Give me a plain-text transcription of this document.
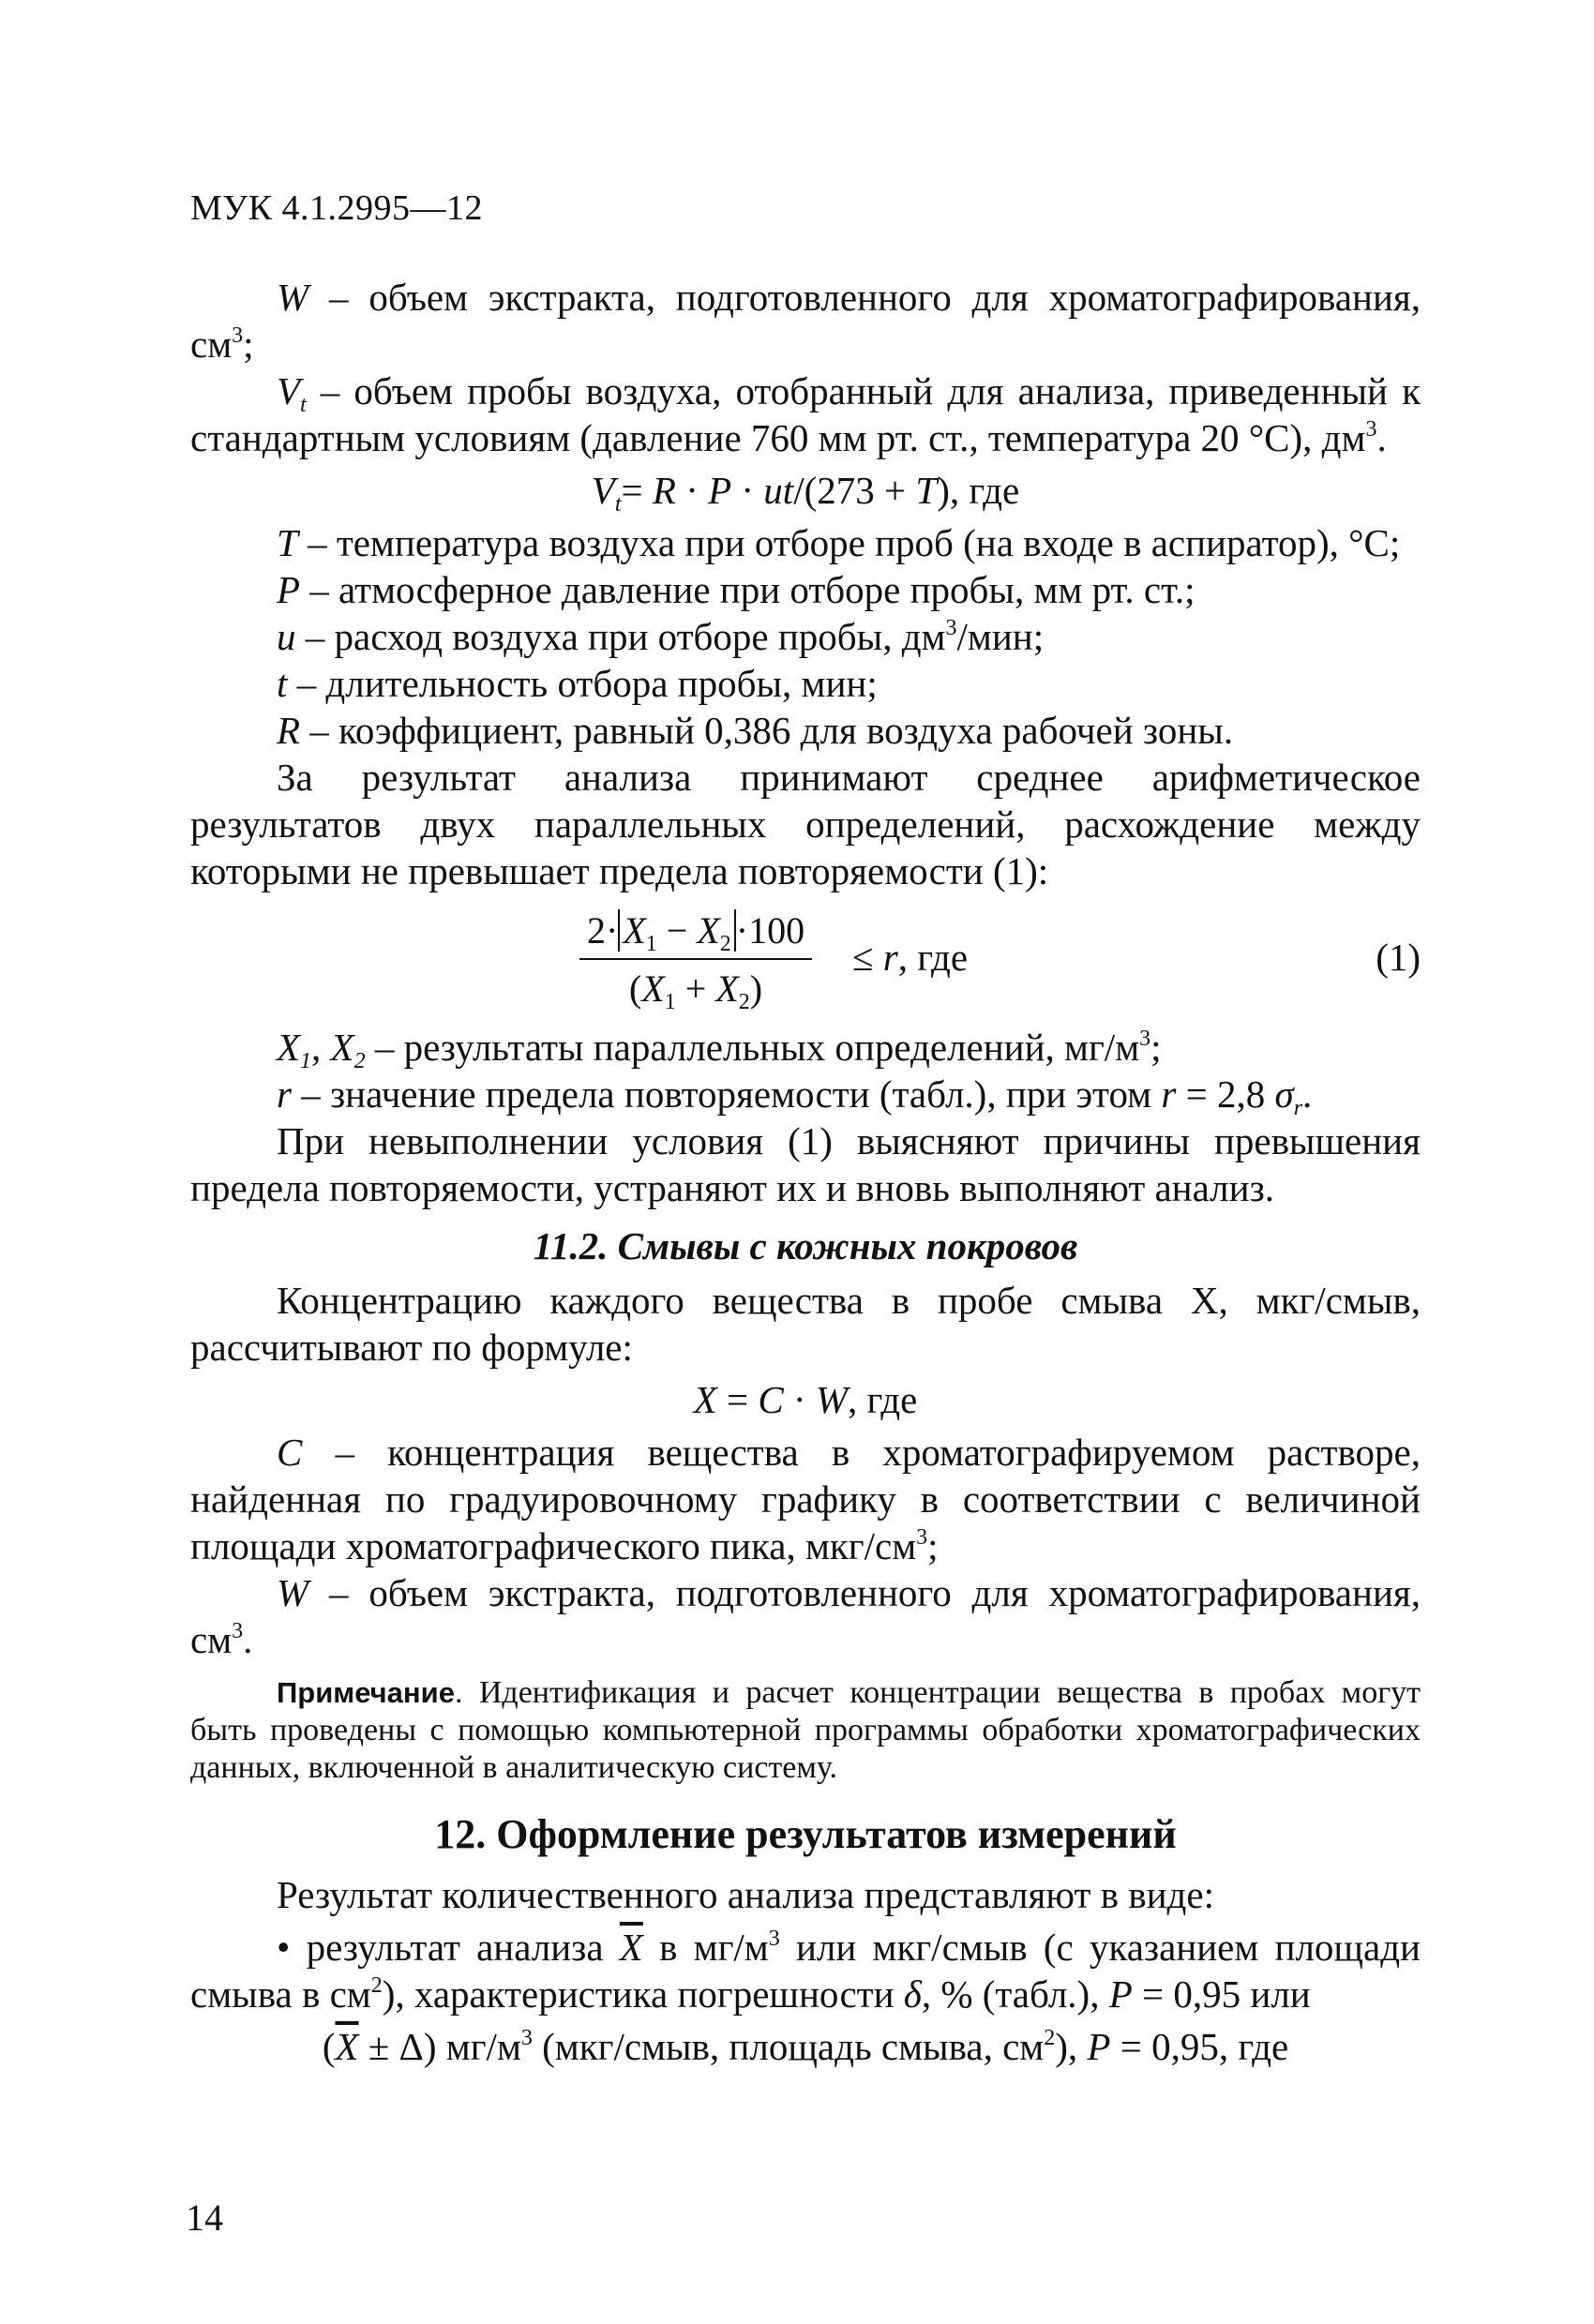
МУК 4.1.2995—12

W – объем экстракта, подготовленного для хроматографирования, $см^3$;

$V_t$ – объем пробы воздуха, отобранный для анализа, приведенный к стандартным условиям (давление 760 мм рт. ст., температура 20 °С), $дм^3$.

$V_t= R \cdot P \cdot ut/(273 + T)$, где

T – температура воздуха при отборе проб (на входе в аспиратор), °С;

P – атмосферное давление при отборе пробы, мм рт. ст.;

u – расход воздуха при отборе пробы, $дм^3$/мин;

t – длительность отбора пробы, мин;

R – коэффициент, равный 0,386 для воздуха рабочей зоны.

За результат анализа принимают среднее арифметическое результатов двух параллельных определений, расхождение между которыми не превышает предела повторяемости (1):

$\frac{2\cdot X_1 - X_2 \cdot 100}{(X_1 + X_2)} \le r$, где	(1)

$X_1$, $X_2$ – результаты параллельных определений, $мг/м^3$;

r – значение предела повторяемости (табл.), при этом r = 2,8 $\sigma_r$.

При невыполнении условия (1) выясняют причины превышения предела повторяемости, устраняют их и вновь выполняют анализ.

11.2. Смывы с кожных покровов

Концентрацию каждого вещества в пробе смыва X, мкг/смыв, рассчитывают по формуле:

X = C · W, где

C – концентрация вещества в хроматографируемом растворе, найденная по градуировочному графику в соответствии с величиной площади хроматографического пика, мкг/$см^3$;

W – объем экстракта, подготовленного для хроматографирования, $см^3$.

Примечание. Идентификация и расчет концентрации вещества в пробах могут быть проведены с помощью компьютерной программы обработки хроматографических данных, включенной в аналитическую систему.

12. Оформление результатов измерений

Результат количественного анализа представляют в виде:

• результат анализа $\overline{X}$ в $мг/м^3$ или мкг/смыв (с указанием площади смыва в $см^2$), характеристика погрешности δ, % (табл.), P = 0,95 или

$(\overline{X} \pm \Delta)$ $мг/м^3$ (мкг/смыв, площадь смыва, $см^2$), P = 0,95, где

14
